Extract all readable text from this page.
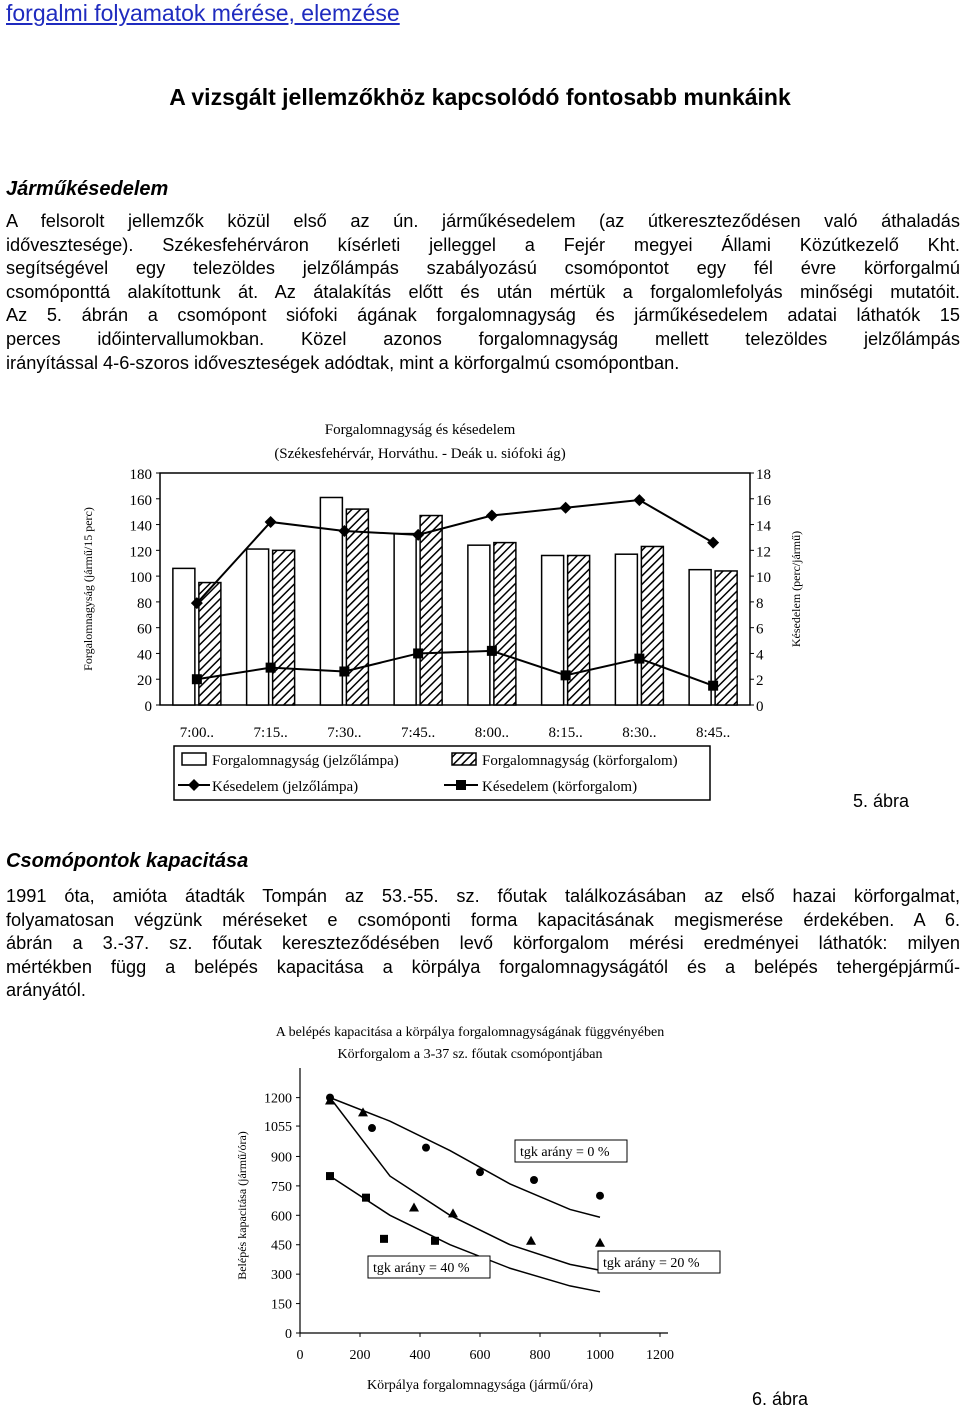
forgalmi folyamatok mérése, elemzése
A vizsgált jellemzőkhöz kapcsolódó fontosabb munkáink
Járműkésedelem
A felsorolt jellemzők közül első az ún. járműkésedelem (az útkereszteződésen való áthaladás
idővesztesége). Székesfehérváron kísérleti jelleggel a Fejér megyei Állami Közútkezelő Kht.
segítségével egy telezöldes jelzőlámpás szabályozású csomópontot egy fél évre körforgalmú
csomóponttá alakítottunk át. Az átalakítás előtt és után mértük a forgalomlefolyás minőségi mutatóit.
Az 5. ábrán a csomópont siófoki ágának forgalomnagyság és járműkésedelem adatai láthatók 15
perces időintervallumokban. Közel azonos forgalomnagyság mellett telezöldes jelzőlámpás
irányítással 4-6-szoros időveszteségek adódtak, mint a körforgalmú csomópontban.
Forgalomnagyság és késedelem
(Székesfehérvár, Horváthu. - Deák u. siófoki ág)
0
20
40
60
80
100
120
140
160
180
0
2
4
6
8
10
12
14
16
18
7:00..	7:15..	7:30..	7:45..	8:00..	8:15..	8:30..	8:45..
Forgalomnagyság (jármű/15 perc)	Késedelem (perc/jármű)
Forgalomnagyság (jelzőlámpa)	Forgalomnagyság (körforgalom)
Késedelem (jelzőlámpa)	Késedelem (körforgalom)
5. ábra
Csomópontok kapacitása
1991 óta, amióta átadták Tompán az 53.-55. sz. főutak találkozásában az első hazai körforgalmat,
folyamatosan végzünk méréseket e csomóponti forma kapacitásának megismerése érdekében. A 6.
ábrán a 3.-37. sz. főutak kereszteződésében levő körforgalom mérési eredményei láthatók: milyen
mértékben függ a belépés kapacitása a körpálya forgalomnagyságától és a belépés tehergépjármű-
arányától.
A belépés kapacitása a körpálya forgalomnagyságának függvényében
Körforgalom a 3-37 sz. főutak csomópontjában
0
150
300
450
600
750
900
1055
1200
0	200	400	600	800	1000 1200
Körpálya forgalomnagysága (jármű/óra)
Belépés kapacitása (jármű/óra)	tgk arány = 0 %
tgk arány = 20 %
tgk arány = 40 %
6. ábra
